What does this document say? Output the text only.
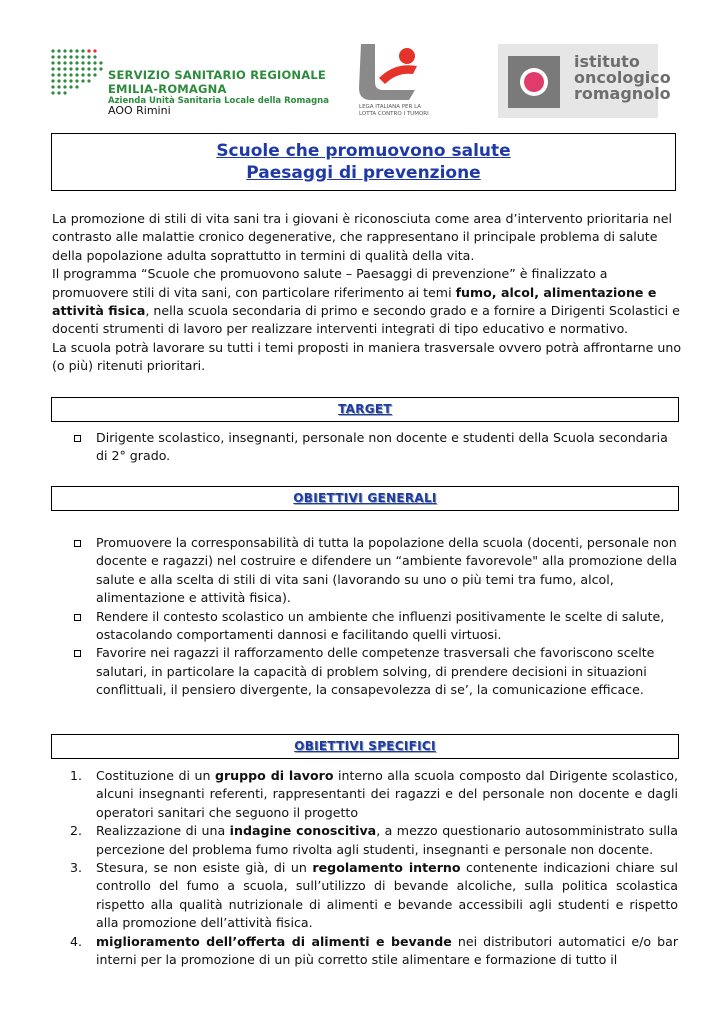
SERVIZIO SANITARIO REGIONALE
EMILIA-ROMAGNA
Azienda Unità Sanitaria Locale della Romagna
AOO Rimini	LEGA ITALIANA PER LA
LOTTA CONTRO I TUMORI
istituto
oncologico
romagnolo
Scuole che promuovono salute
Paesaggi di prevenzione

La promozione di stili di vita sani tra i giovani è riconosciuta come area d’intervento prioritaria nel contrasto alle malattie cronico degenerative, che rappresentano il principale problema di salute della popolazione adulta soprattutto in termini di qualità della vita.

Il programma “Scuole che promuovono salute – Paesaggi di prevenzione” è finalizzato a promuovere stili di vita sani, con particolare riferimento ai temi fumo, alcol, alimentazione e attività fisica, nella scuola secondaria di primo e secondo grado e a fornire a Dirigenti Scolastici e docenti strumenti di lavoro per realizzare interventi integrati di tipo educativo e normativo.

La scuola potrà lavorare su tutti i temi proposti in maniera trasversale ovvero potrà affrontarne uno (o più) ritenuti prioritari.

TARGET
Dirigente scolastico, insegnanti, personale non docente e studenti della Scuola secondaria di 2° grado.
OBIETTIVI GENERALI
Promuovere la corresponsabilità di tutta la popolazione della scuola (docenti, personale non docente e ragazzi) nel costruire e difendere un “ambiente favorevole" alla promozione della salute e alla scelta di stili di vita sani (lavorando su uno o più temi tra fumo, alcol, alimentazione e attività fisica).
Rendere il contesto scolastico un ambiente che influenzi positivamente le scelte di salute, ostacolando comportamenti dannosi e facilitando quelli virtuosi.
Favorire nei ragazzi il rafforzamento delle competenze trasversali che favoriscono scelte salutari, in particolare la capacità di problem solving, di prendere decisioni in situazioni conflittuali, il pensiero divergente, la consapevolezza di se’, la comunicazione efficace.
OBIETTIVI SPECIFICI
1. Costituzione di un gruppo di lavoro interno alla scuola composto dal Dirigente scolastico, alcuni insegnanti referenti, rappresentanti dei ragazzi e del personale non docente e dagli operatori sanitari che seguono il progetto
2. Realizzazione di una indagine conoscitiva, a mezzo questionario autosomministrato sulla percezione del problema fumo rivolta agli studenti, insegnanti e personale non docente.
3. Stesura, se non esiste già, di un regolamento interno contenente indicazioni chiare sul controllo del fumo a scuola, sull’utilizzo di bevande alcoliche, sulla politica scolastica rispetto alla qualità nutrizionale di alimenti e bevande accessibili agli studenti e rispetto alla promozione dell’attività fisica.
4. miglioramento dell’offerta di alimenti e bevande nei distributori automatici e/o bar interni per la promozione di un più corretto stile alimentare e formazione di tutto il
